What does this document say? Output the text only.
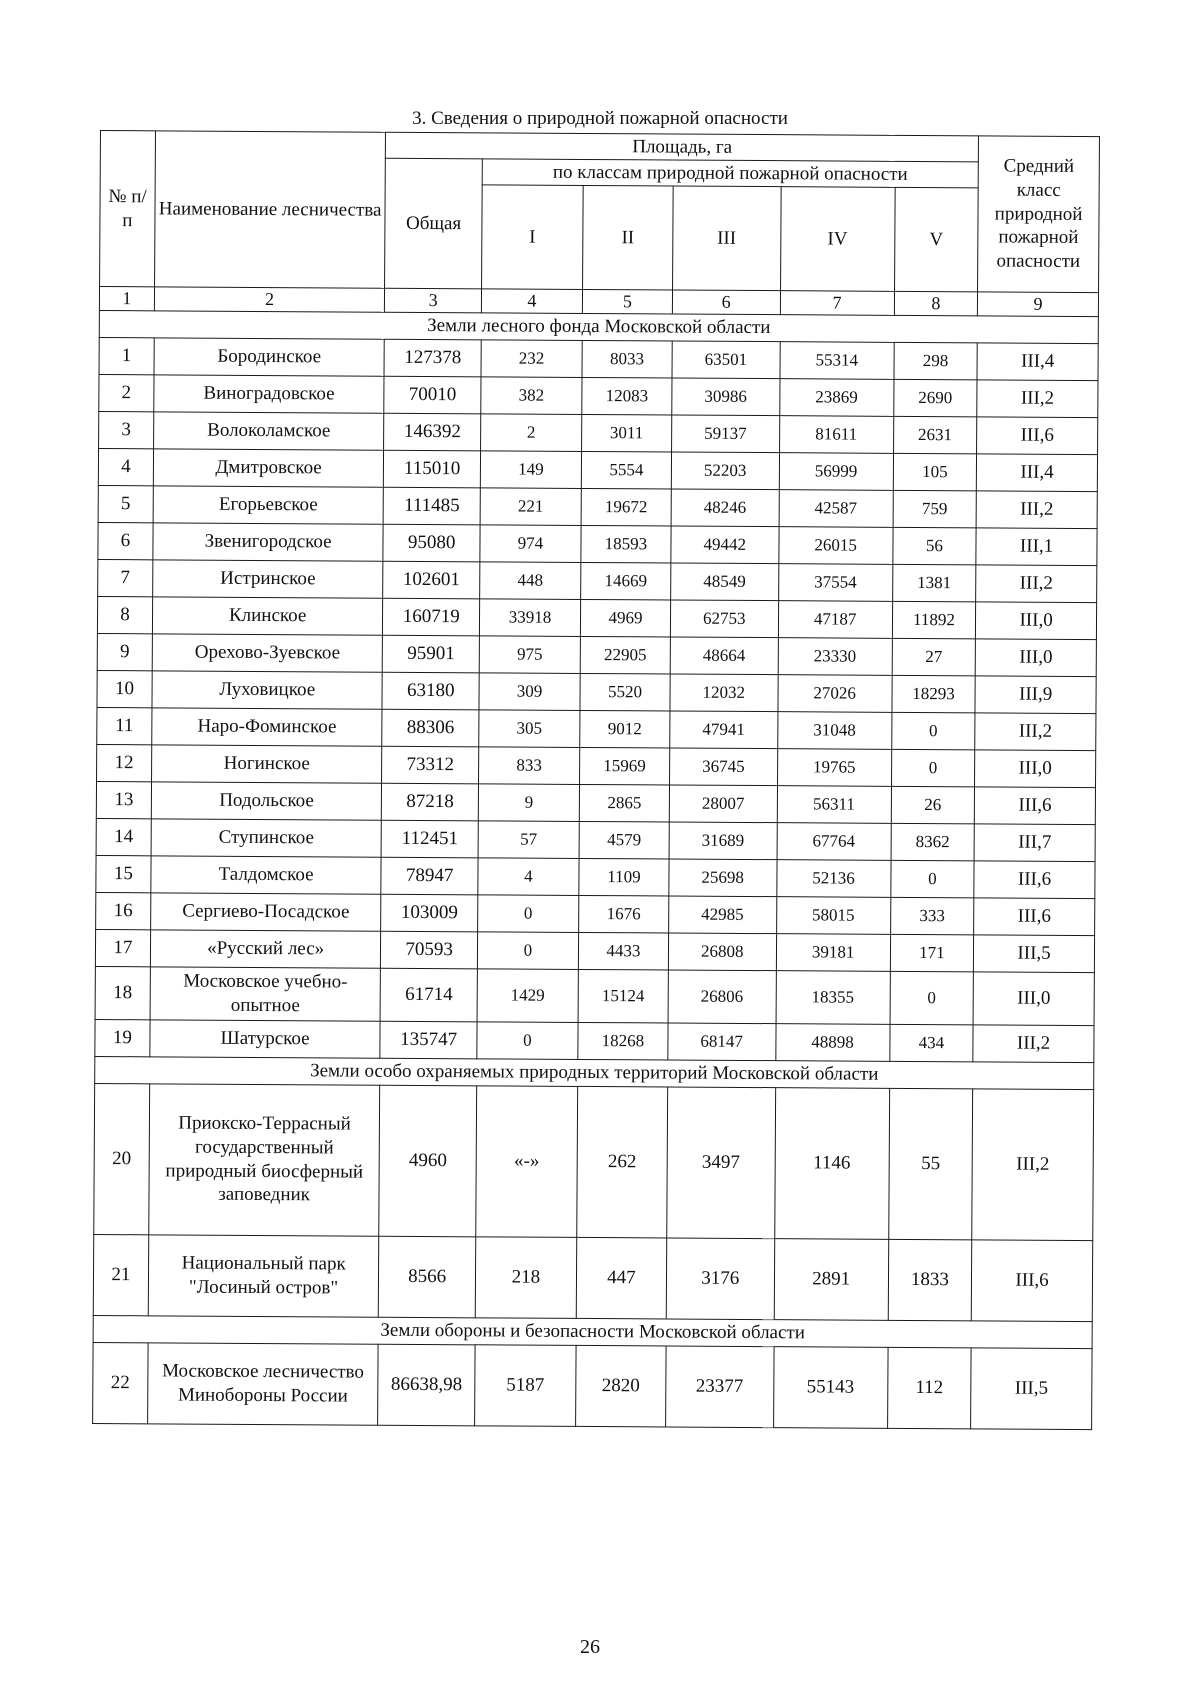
3. Сведения о природной пожарной опасности
№ п/п	Наименование лесничества	Площадь, га						Средний класс природной пожарной опасности
		Общая	по классам природной пожарной опасности					
			I	II	III	IV	V	
1	2	3	4	5	6	7	8	9
Земли лесного фонда Московской области								
1	Бородинское	127378	232	8033	63501	55314	298	III,4
2	Виноградовское	70010	382	12083	30986	23869	2690	III,2
3	Волоколамское	146392	2	3011	59137	81611	2631	III,6
4	Дмитровское	115010	149	5554	52203	56999	105	III,4
5	Егорьевское	111485	221	19672	48246	42587	759	III,2
6	Звенигородское	95080	974	18593	49442	26015	56	III,1
7	Истринское	102601	448	14669	48549	37554	1381	III,2
8	Клинское	160719	33918	4969	62753	47187	11892	III,0
9	Орехово-Зуевское	95901	975	22905	48664	23330	27	III,0
10	Луховицкое	63180	309	5520	12032	27026	18293	III,9
11	Наро-Фоминское	88306	305	9012	47941	31048	0	III,2
12	Ногинское	73312	833	15969	36745	19765	0	III,0
13	Подольское	87218	9	2865	28007	56311	26	III,6
14	Ступинское	112451	57	4579	31689	67764	8362	III,7
15	Талдомское	78947	4	1109	25698	52136	0	III,6
16	Сергиево-Посадское	103009	0	1676	42985	58015	333	III,6
17	«Русский лес»	70593	0	4433	26808	39181	171	III,5
18	Московское учебно-опытное	61714	1429	15124	26806	18355	0	III,0
19	Шатурское	135747	0	18268	68147	48898	434	III,2
Земли особо охраняемых природных территорий Московской области								
20	Приокско-Террасный государственный природный биосферный заповедник	4960	«-»	262	3497	1146	55	III,2
21	Национальный парк "Лосиный остров"	8566	218	447	3176	2891	1833	III,6
Земли обороны и безопасности Московской области								
22	Московское лесничество Минобороны России	86638,98	5187	2820	23377	55143	112	III,5
26
